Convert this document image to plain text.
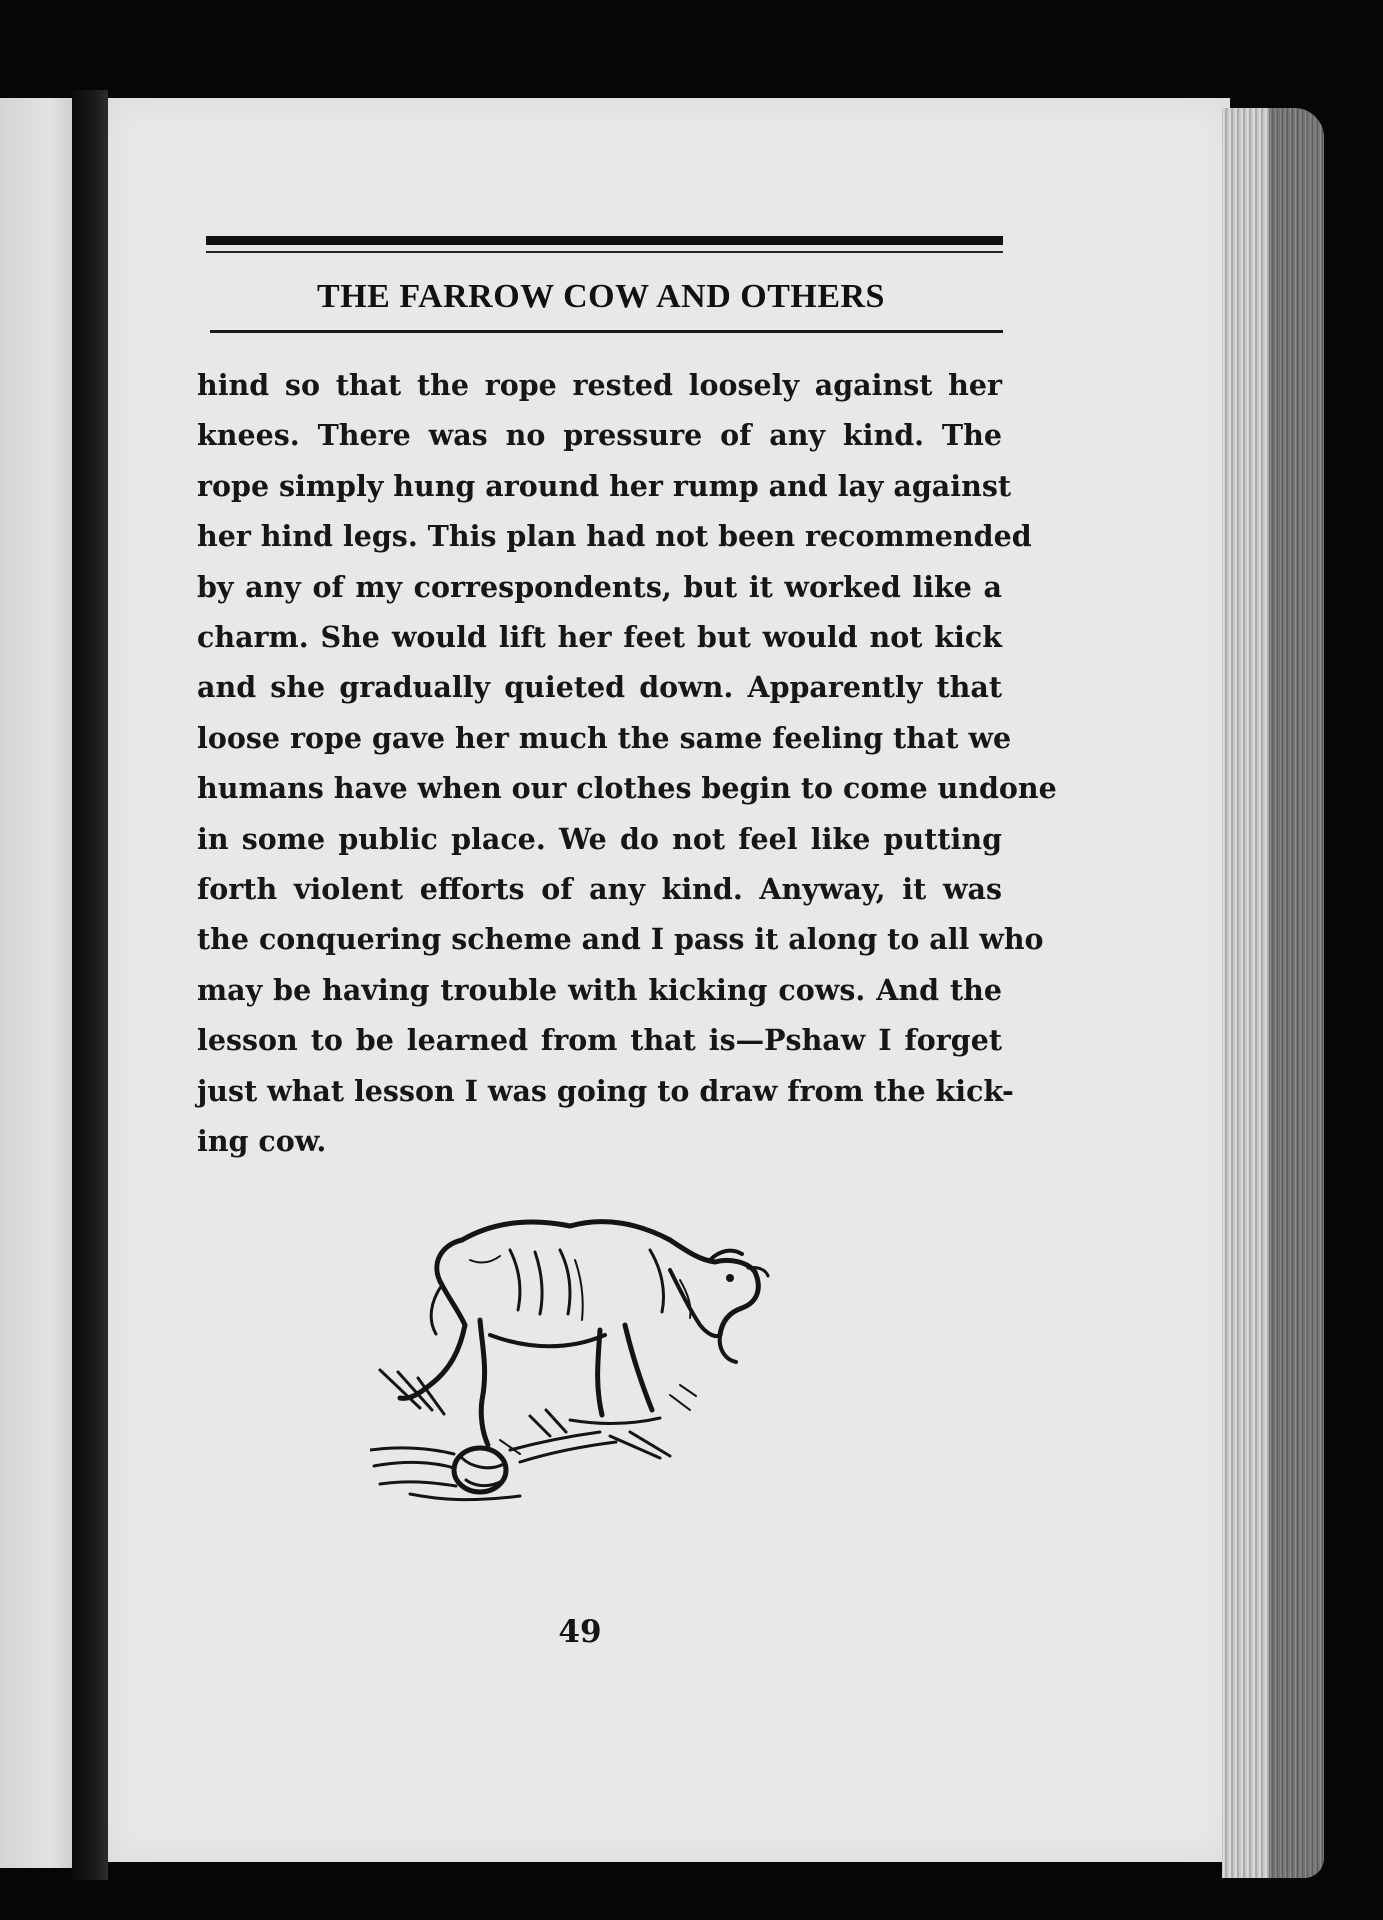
THE FARROW COW AND OTHERS
hind so that the rope rested loosely against her
knees. There was no pressure of any kind. The
rope simply hung around her rump and lay against
her hind legs. This plan had not been recommended
by any of my correspondents, but it worked like a
charm. She would lift her feet but would not kick
and she gradually quieted down. Apparently that
loose rope gave her much the same feeling that we
humans have when our clothes begin to come undone
in some public place. We do not feel like putting
forth violent efforts of any kind. Anyway, it was
the conquering scheme and I pass it along to all who
may be having trouble with kicking cows. And the
lesson to be learned from that is—Pshaw I forget
just what lesson I was going to draw from the kick-
ing cow.
49
